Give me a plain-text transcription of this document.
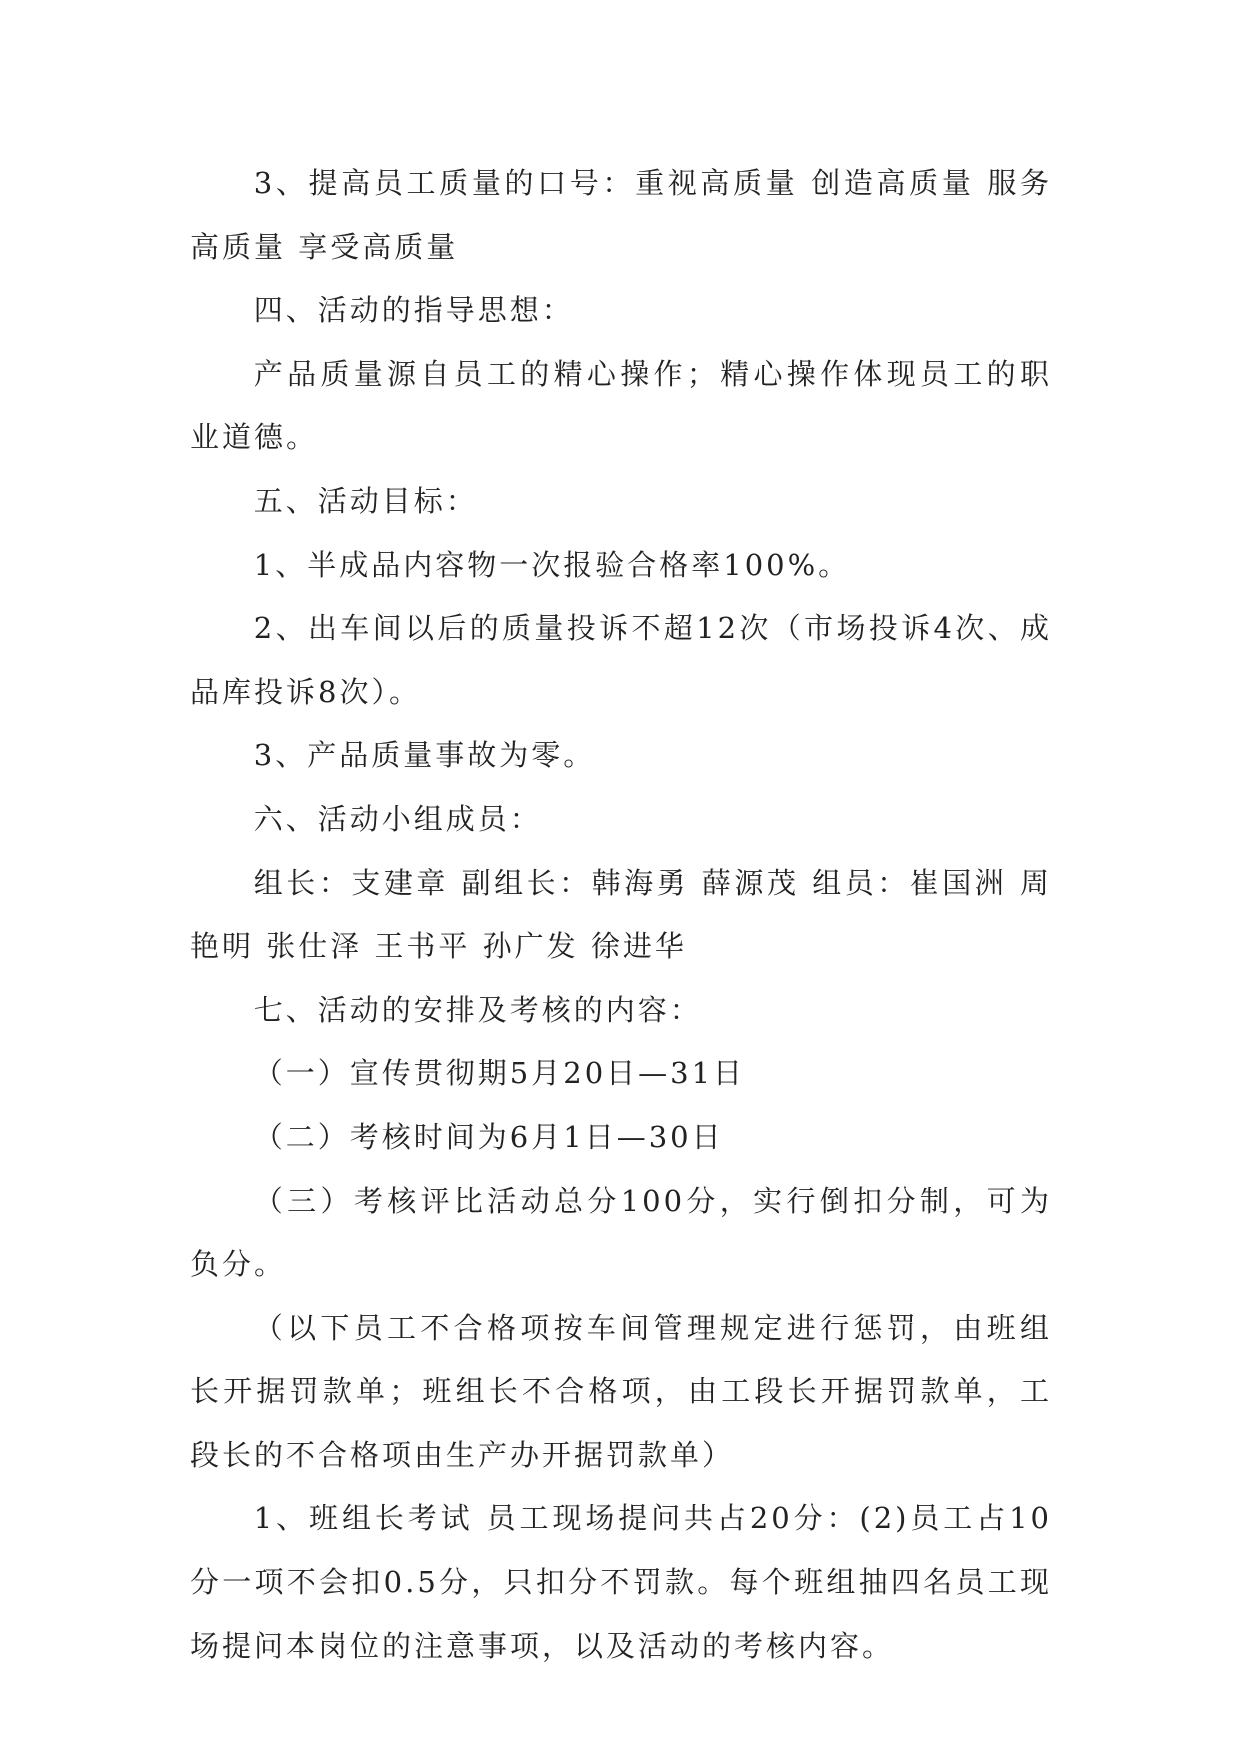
3、提高员工质量的口号：重视高质量 创造高质量 服务高质量 享受高质量

四、活动的指导思想：

产品质量源自员工的精心操作；精心操作体现员工的职业道德。

五、活动目标：

1、半成品内容物一次报验合格率100%。

2、出车间以后的质量投诉不超12次（市场投诉4次、成品库投诉8次）。

3、产品质量事故为零。

六、活动小组成员：

组长：支建章 副组长：韩海勇 薛源茂 组员：崔国洲 周艳明 张仕泽 王书平 孙广发 徐进华

七、活动的安排及考核的内容：

（一）宣传贯彻期5月20日—31日

（二）考核时间为6月1日—30日

（三）考核评比活动总分100分，实行倒扣分制，可为负分。

（以下员工不合格项按车间管理规定进行惩罚，由班组长开据罚款单；班组长不合格项，由工段长开据罚款单，工段长的不合格项由生产办开据罚款单）

1、班组长考试 员工现场提问共占20分：(2)员工占10分一项不会扣0.5分，只扣分不罚款。每个班组抽四名员工现场提问本岗位的注意事项，以及活动的考核内容。
